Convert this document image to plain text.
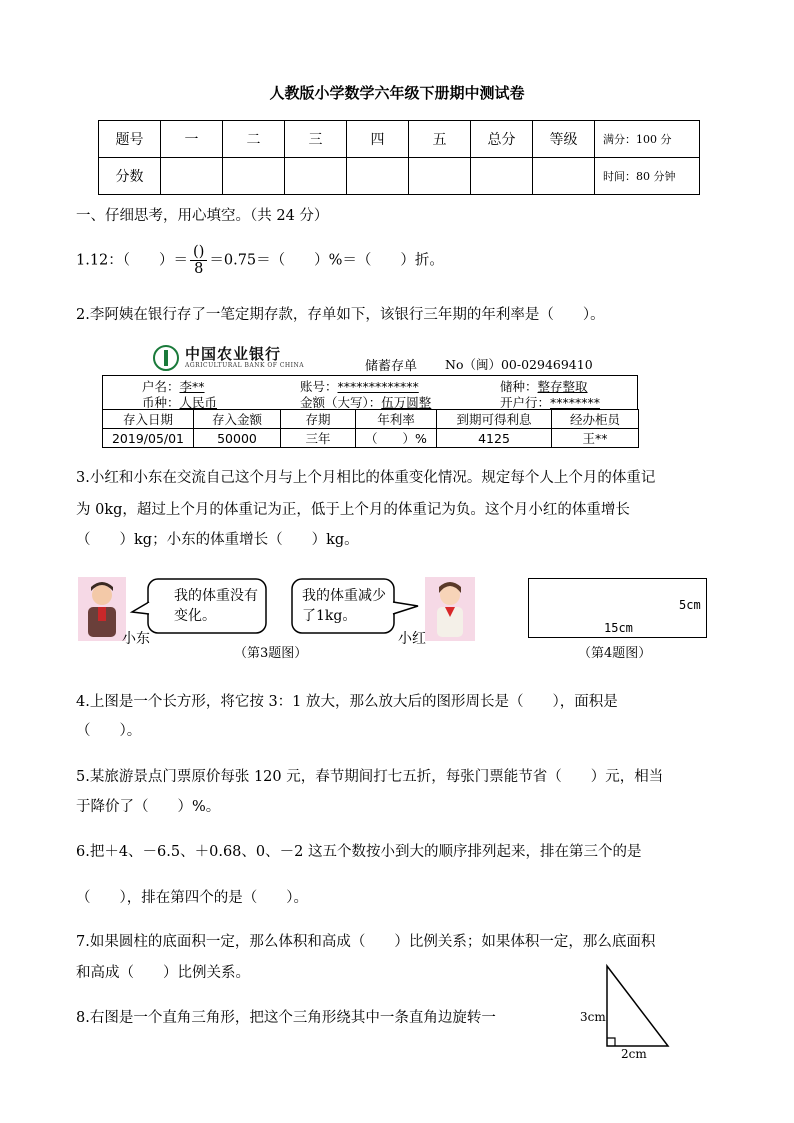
人教版小学数学六年级下册期中测试卷
题号	一	二	三	四	五	总分	等级	满分：100 分
分数								时间：80 分钟
一、仔细思考，用心填空。（共 24 分）
1.12：（　　）＝ $\frac{()}{8} =0.75=$（　　）%＝（　　）折。
2.李阿姨在银行存了一笔定期存款，存单如下，该银行三年期的年利率是（　　）。
中国农业银行
AGRICULTURAL BANK OF CHINA	储蓄存单 No（闽）00-029469410
户名：李**	账号：*************	储种：整存整取
币种：人民币	金额（大写）：伍万圆整	开户行：********
存入日期	存入金额	存期	年利率	到期可得利息	经办柜员
2019/05/01	50000	三年	（　　）%	4125	王**
3.小红和小东在交流自己这个月与上个月相比的体重变化情况。规定每个人上个月的体重记
为 0kg，超过上个月的体重记为正，低于上个月的体重记为负。这个月小红的体重增长
（　　）kg；小东的体重增长（　　）kg。
小东
我的体重没有变化。
我的体重减少了1kg。
小红
（第3题图）
5cm
15cm
（第4题图）
4.上图是一个长方形，将它按 3：1 放大，那么放大后的图形周长是（　　），面积是
（　　）。
5.某旅游景点门票原价每张 120 元，春节期间打七五折，每张门票能节省（　　）元，相当
于降价了（　　）%。
6.把＋4、－6.5、＋0.68、0、－2 这五个数按小到大的顺序排列起来，排在第三个的是
（　　），排在第四个的是（　　）。
7.如果圆柱的底面积一定，那么体积和高成（　　）比例关系；如果体积一定，那么底面积
和高成（　　）比例关系。
8.右图是一个直角三角形，把这个三角形绕其中一条直角边旋转一	3cm
2cm
